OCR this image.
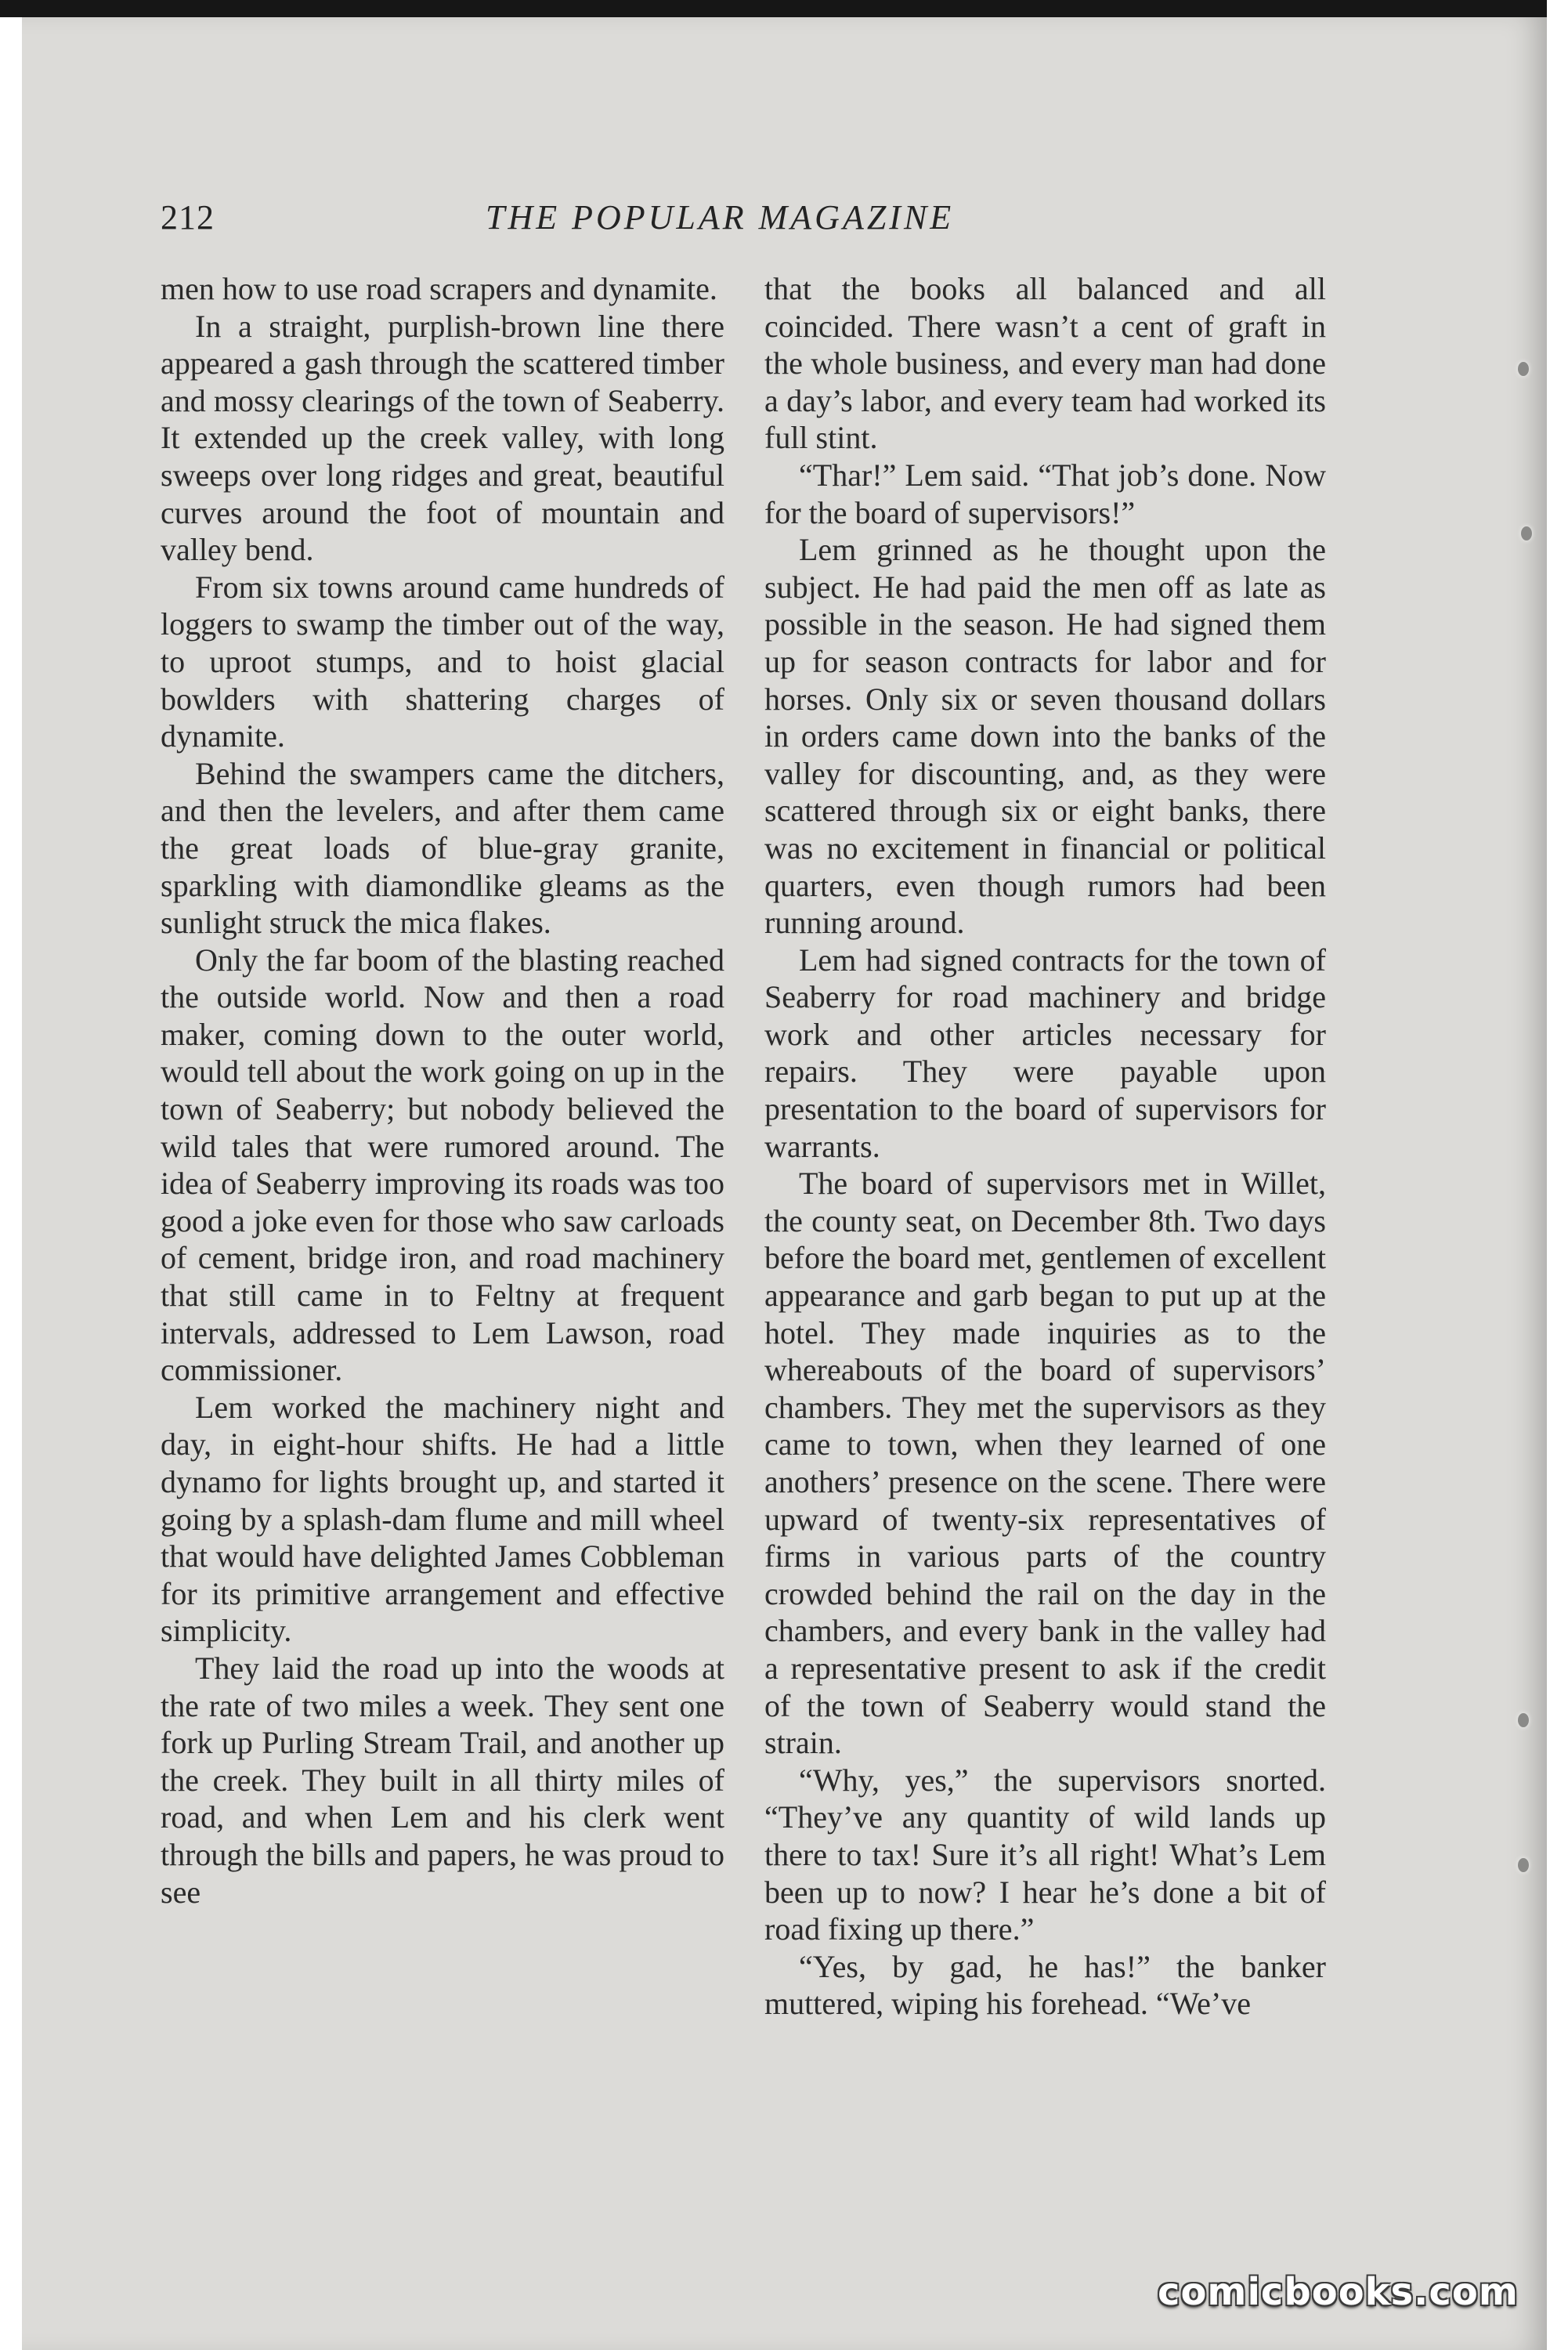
212	THE POPULAR MAGAZINE

men how to use road scrapers and dynamite.

In a straight, purplish-brown line there appeared a gash through the scattered timber and mossy clearings of the town of Seaberry. It extended up the creek valley, with long sweeps over long ridges and great, beautiful curves around the foot of mountain and valley bend.

From six towns around came hundreds of loggers to swamp the timber out of the way, to uproot stumps, and to hoist glacial bowlders with shattering charges of dynamite.

Behind the swampers came the ditchers, and then the levelers, and after them came the great loads of blue-gray granite, sparkling with diamondlike gleams as the sunlight struck the mica flakes.

Only the far boom of the blasting reached the outside world. Now and then a road maker, coming down to the outer world, would tell about the work going on up in the town of Seaberry; but nobody believed the wild tales that were rumored around. The idea of Seaberry improving its roads was too good a joke even for those who saw carloads of cement, bridge iron, and road machinery that still came in to Feltny at frequent intervals, addressed to Lem Lawson, road commissioner.

Lem worked the machinery night and day, in eight-hour shifts. He had a little dynamo for lights brought up, and started it going by a splash-dam flume and mill wheel that would have delighted James Cobbleman for its primitive arrangement and effective simplicity.

They laid the road up into the woods at the rate of two miles a week. They sent one fork up Purling Stream Trail, and another up the creek. They built in all thirty miles of road, and when Lem and his clerk went through the bills and papers, he was proud to see

that the books all balanced and all coincided. There wasn’t a cent of graft in the whole business, and every man had done a day’s labor, and every team had worked its full stint.

“Thar!” Lem said. “That job’s done. Now for the board of supervisors!”

Lem grinned as he thought upon the subject. He had paid the men off as late as possible in the season. He had signed them up for season contracts for labor and for horses. Only six or seven thousand dollars in orders came down into the banks of the valley for discounting, and, as they were scattered through six or eight banks, there was no excitement in financial or political quarters, even though rumors had been running around.

Lem had signed contracts for the town of Seaberry for road machinery and bridge work and other articles necessary for repairs. They were payable upon presentation to the board of supervisors for warrants.

The board of supervisors met in Willet, the county seat, on December 8th. Two days before the board met, gentlemen of excellent appearance and garb began to put up at the hotel. They made inquiries as to the whereabouts of the board of supervisors’ chambers. They met the supervisors as they came to town, when they learned of one anothers’ presence on the scene. There were upward of twenty-six representatives of firms in various parts of the country crowded behind the rail on the day in the chambers, and every bank in the valley had a representative present to ask if the credit of the town of Seaberry would stand the strain.

“Why, yes,” the supervisors snorted. “They’ve any quantity of wild lands up there to tax! Sure it’s all right! What’s Lem been up to now? I hear he’s done a bit of road fixing up there.”

“Yes, by gad, he has!” the banker muttered, wiping his forehead. “We’ve

comicbooks.com
